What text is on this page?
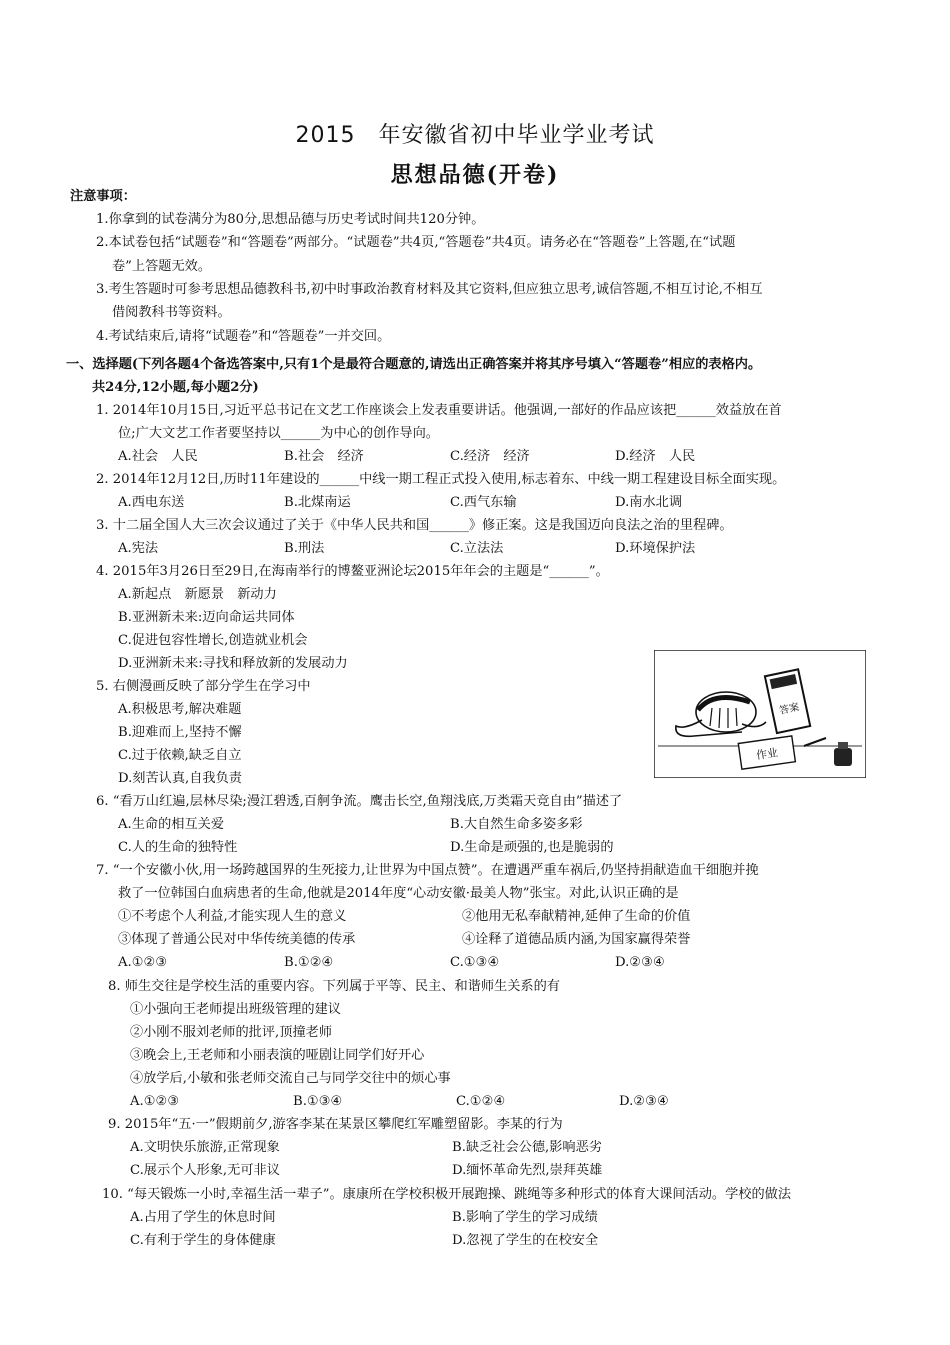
2015　年安徽省初中毕业学业考试
思想品德(开卷)
注意事项：
1.你拿到的试卷满分为80分,思想品德与历史考试时间共120分钟。
2.本试卷包括“试题卷”和“答题卷”两部分。“试题卷”共4页,“答题卷”共4页。请务必在“答题卷”上答题,在“试题
卷”上答题无效。
3.考生答题时可参考思想品德教科书,初中时事政治教育材料及其它资料,但应独立思考,诚信答题,不相互讨论,不相互
借阅教科书等资料。
4.考试结束后,请将“试题卷”和“答题卷”一并交回。
一、选择题(下列各题4个备选答案中,只有1个是最符合题意的,请选出正确答案并将其序号填入“答题卷”相应的表格内。
共24分,12小题,每小题2分)
1. 2014年10月15日,习近平总书记在文艺工作座谈会上发表重要讲话。他强调,一部好的作品应该把______效益放在首
位;广大文艺工作者要坚持以______为中心的创作导向。
A.社会　人民	B.社会　经济	C.经济　经济	D.经济　人民
2. 2014年12月12日,历时11年建设的______中线一期工程正式投入使用,标志着东、中线一期工程建设目标全面实现。
A.西电东送	B.北煤南运	C.西气东输	D.南水北调
3. 十二届全国人大三次会议通过了关于《中华人民共和国______》修正案。这是我国迈向良法之治的里程碑。
A.宪法	B.刑法	C.立法法	D.环境保护法
4. 2015年3月26日至29日,在海南举行的博鳌亚洲论坛2015年年会的主题是“______”。
A.新起点　新愿景　新动力
B.亚洲新未来:迈向命运共同体
C.促进包容性增长,创造就业机会
D.亚洲新未来:寻找和释放新的发展动力
5. 右侧漫画反映了部分学生在学习中
A.积极思考,解决难题
B.迎难而上,坚持不懈
C.过于依赖,缺乏自立
D.刻苦认真,自我负责
答案
作业
6. “看万山红遍,层林尽染;漫江碧透,百舸争流。鹰击长空,鱼翔浅底,万类霜天竞自由”描述了
A.生命的相互关爱	B.大自然生命多姿多彩
C.人的生命的独特性	D.生命是顽强的,也是脆弱的
7. “一个安徽小伙,用一场跨越国界的生死接力,让世界为中国点赞”。在遭遇严重车祸后,仍坚持捐献造血干细胞并挽
救了一位韩国白血病患者的生命,他就是2014年度“心动安徽·最美人物”张宝。对此,认识正确的是
①不考虑个人利益,才能实现人生的意义	②他用无私奉献精神,延伸了生命的价值
③体现了普通公民对中华传统美德的传承	④诠释了道德品质内涵,为国家赢得荣誉
A.①②③	B.①②④	C.①③④	D.②③④
8. 师生交往是学校生活的重要内容。下列属于平等、民主、和谐师生关系的有
①小强向王老师提出班级管理的建议
②小刚不服刘老师的批评,顶撞老师
③晚会上,王老师和小丽表演的哑剧让同学们好开心
④放学后,小敏和张老师交流自己与同学交往中的烦心事
A.①②③	B.①③④	C.①②④	D.②③④
9. 2015年“五·一”假期前夕,游客李某在某景区攀爬红军雕塑留影。李某的行为
A.文明快乐旅游,正常现象	B.缺乏社会公德,影响恶劣
C.展示个人形象,无可非议	D.缅怀革命先烈,崇拜英雄
10. “每天锻炼一小时,幸福生活一辈子”。康康所在学校积极开展跑操、跳绳等多种形式的体育大课间活动。学校的做法
A.占用了学生的休息时间	B.影响了学生的学习成绩
C.有利于学生的身体健康	D.忽视了学生的在校安全
